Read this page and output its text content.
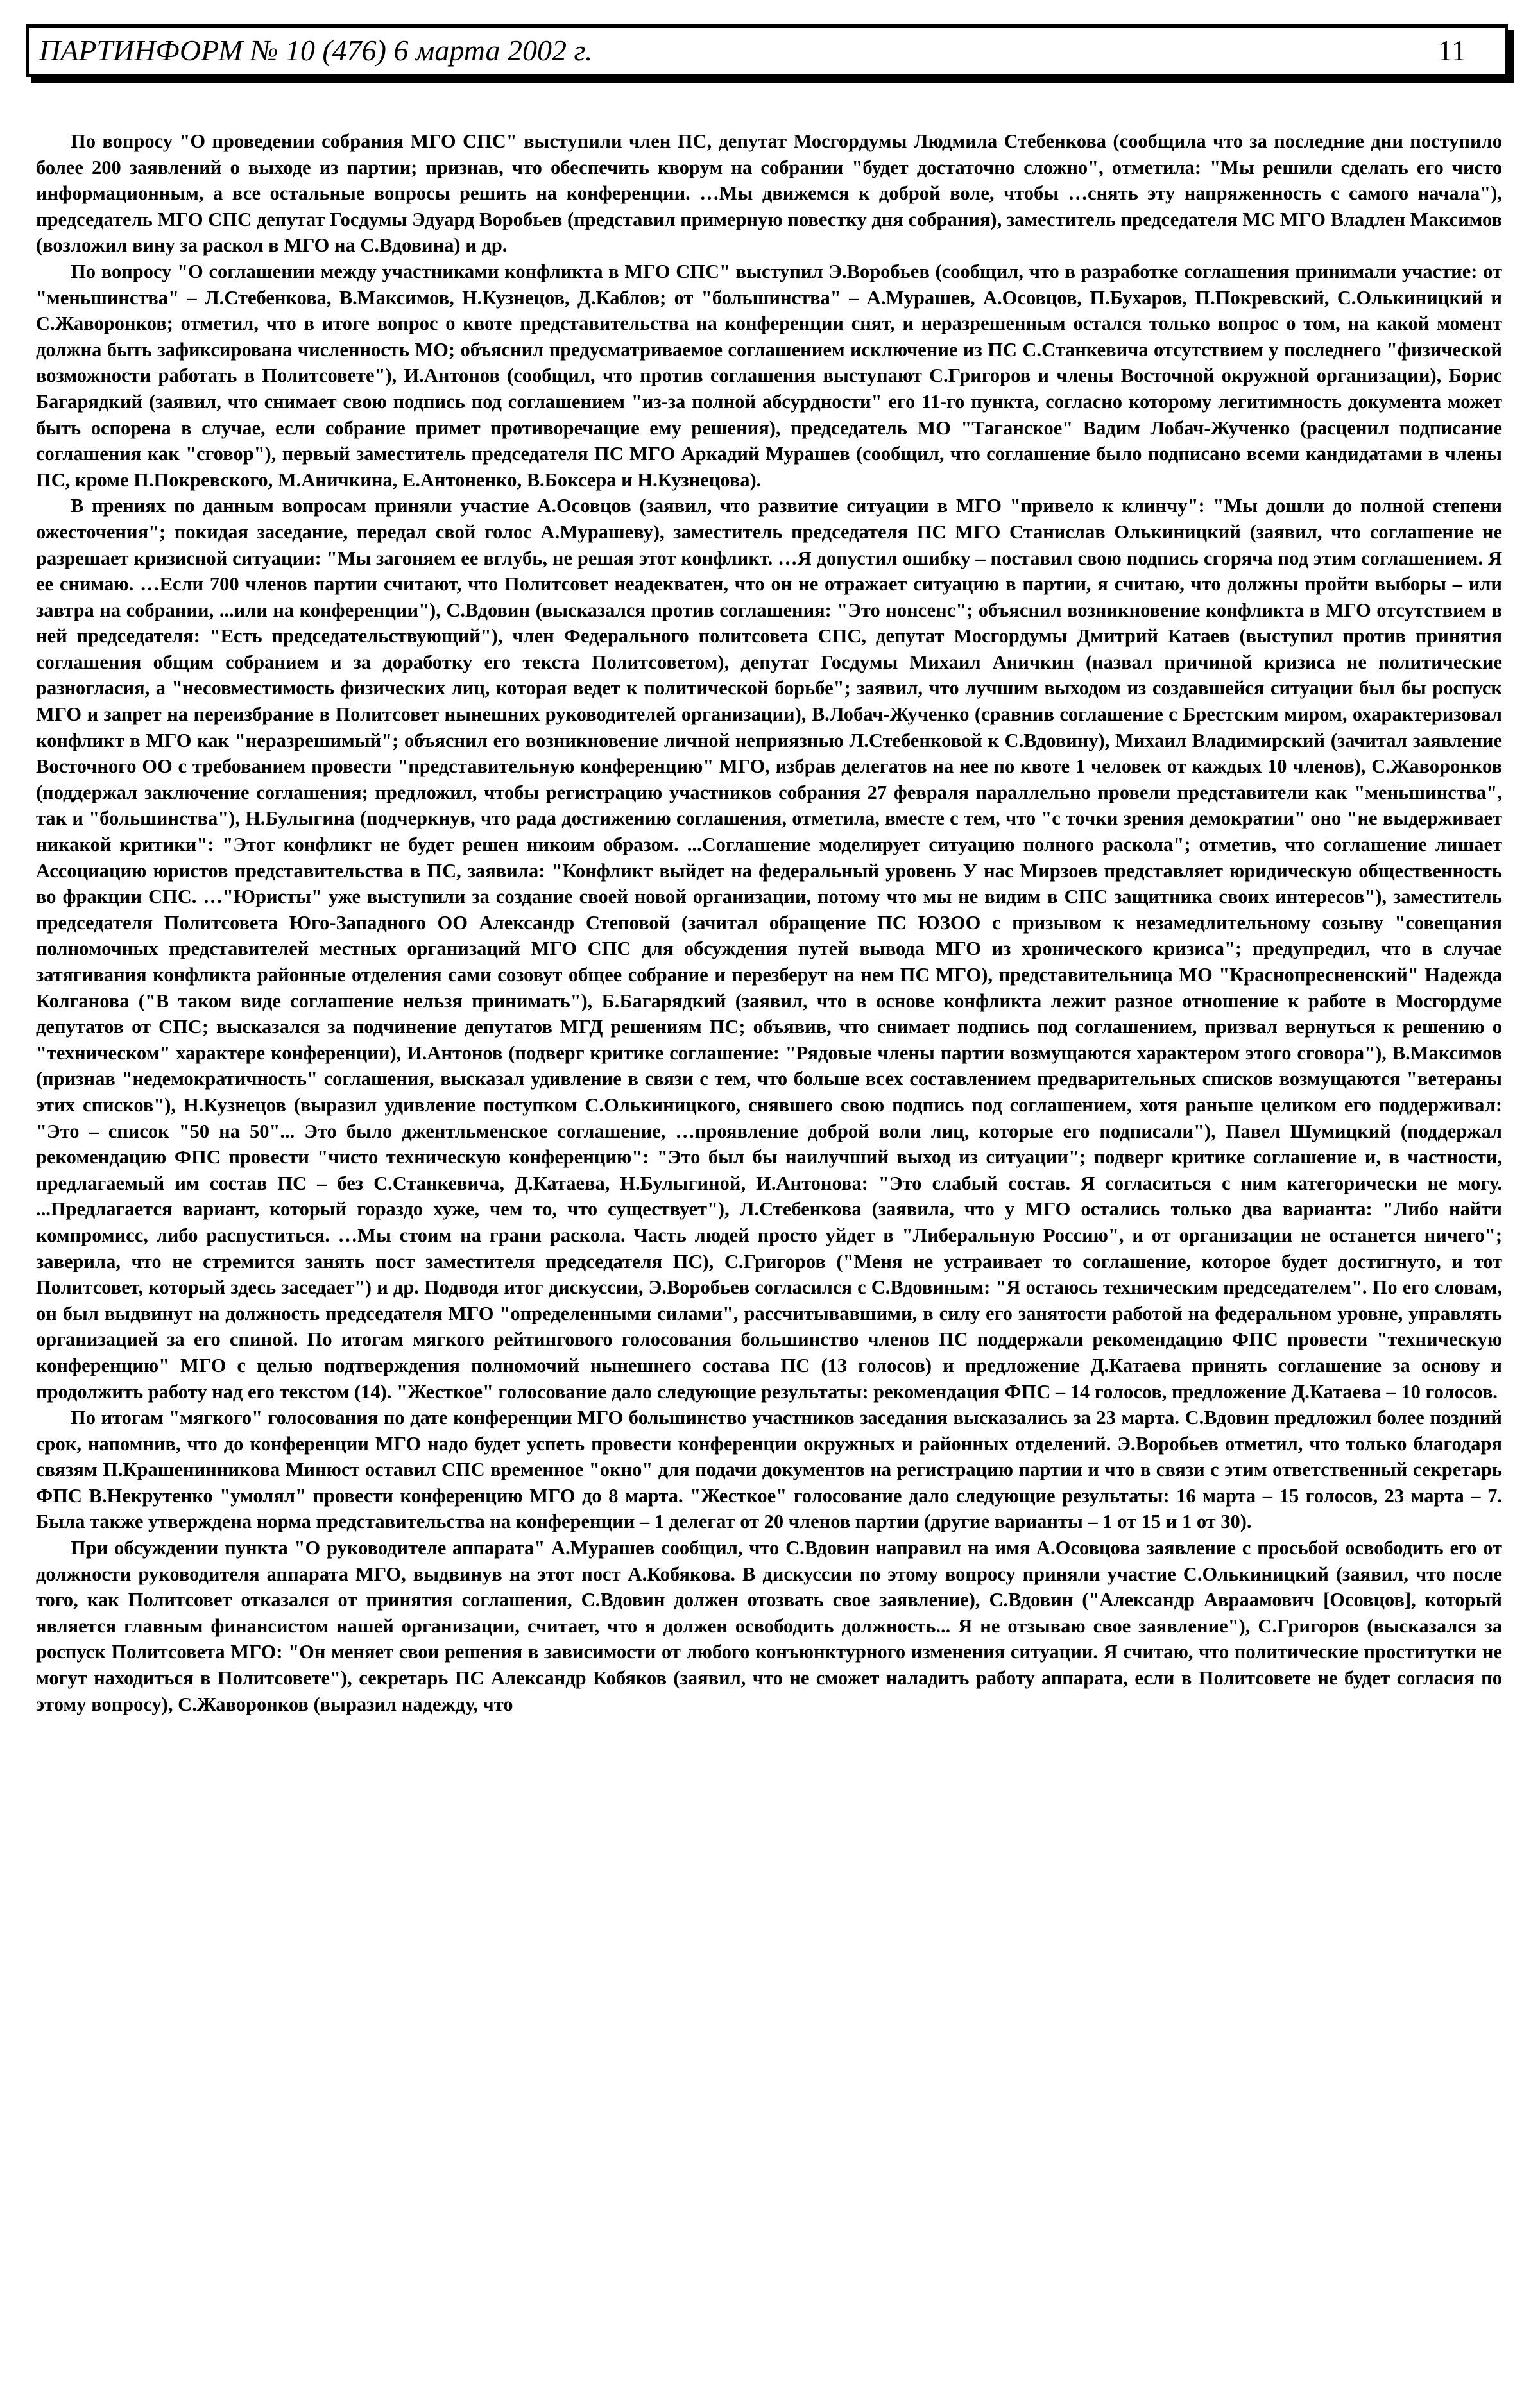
ПАРТИНФОРМ № 10 (476) 6 марта 2002 г.	11

По вопросу "О проведении собрания МГО СПС" выступили член ПС, депутат Мосгордумы Людмила Стебенкова (сообщила что за последние дни поступило более 200 заявлений о выходе из партии; признав, что обеспечить кворум на собрании "будет достаточно сложно", отметила: "Мы решили сделать его чисто информационным, а все остальные вопросы решить на конференции. …Мы движемся к доброй воле, чтобы …снять эту напряженность с самого начала"), председатель МГО СПС депутат Госдумы Эдуард Воробьев (представил примерную повестку дня собрания), заместитель председателя МС МГО Владлен Максимов (возложил вину за раскол в МГО на С.Вдовина) и др.

По вопросу "О соглашении между участниками конфликта в МГО СПС" выступил Э.Воробьев (сообщил, что в разработке соглашения принимали участие: от "меньшинства" – Л.Стебенкова, В.Максимов, Н.Кузнецов, Д.Каблов; от "большинства" – А.Мурашев, А.Осовцов, П.Бухаров, П.Покревский, С.Олькиницкий и С.Жаворонков; отметил, что в итоге вопрос о квоте представительства на конференции снят, и неразрешенным остался только вопрос о том, на какой момент должна быть зафиксирована численность МО; объяснил предусматриваемое соглашением исключение из ПС С.Станкевича отсутствием у последнего "физической возможности работать в Политсовете"), И.Антонов (сообщил, что против соглашения выступают С.Григоров и члены Восточной окружной организации), Борис Багарядкий (заявил, что снимает свою подпись под соглашением "из-за полной абсурдности" его 11-го пункта, согласно которому легитимность документа может быть оспорена в случае, если собрание примет противоречащие ему решения), председатель МО "Таганское" Вадим Лобач-Жученко (расценил подписание соглашения как "сговор"), первый заместитель председателя ПС МГО Аркадий Мурашев (сообщил, что соглашение было подписано всеми кандидатами в члены ПС, кроме П.Покревского, М.Аничкина, Е.Антоненко, В.Боксера и Н.Кузнецова).

В прениях по данным вопросам приняли участие А.Осовцов (заявил, что развитие ситуации в МГО "привело к клинчу": "Мы дошли до полной степени ожесточения"; покидая заседание, передал свой голос А.Мурашеву), заместитель председателя ПС МГО Станислав Олькиницкий (заявил, что соглашение не разрешает кризисной ситуации: "Мы загоняем ее вглубь, не решая этот конфликт. …Я допустил ошибку – поставил свою подпись сгоряча под этим соглашением. Я ее снимаю. …Если 700 членов партии считают, что Политсовет неадекватен, что он не отражает ситуацию в партии, я считаю, что должны пройти выборы – или завтра на собрании, ...или на конференции"), С.Вдовин (высказался против соглашения: "Это нонсенс"; объяснил возникновение конфликта в МГО отсутствием в ней председателя: "Есть председательствующий"), член Федерального политсовета СПС, депутат Мосгордумы Дмитрий Катаев (выступил против принятия соглашения общим собранием и за доработку его текста Политсоветом), депутат Госдумы Михаил Аничкин (назвал причиной кризиса не политические разногласия, а "несовместимость физических лиц, которая ведет к политической борьбе"; заявил, что лучшим выходом из создавшейся ситуации был бы роспуск МГО и запрет на переизбрание в Политсовет нынешних руководителей организации), В.Лобач-Жученко (сравнив соглашение с Брестским миром, охарактеризовал конфликт в МГО как "неразрешимый"; объяснил его возникновение личной неприязнью Л.Стебенковой к С.Вдовину), Михаил Владимирский (зачитал заявление Восточного ОО с требованием провести "представительную конференцию" МГО, избрав делегатов на нее по квоте 1 человек от каждых 10 членов), С.Жаворонков (поддержал заключение соглашения; предложил, чтобы регистрацию участников собрания 27 февраля параллельно провели представители как "меньшинства", так и "большинства"), Н.Булыгина (подчеркнув, что рада достижению соглашения, отметила, вместе с тем, что "с точки зрения демократии" оно "не выдерживает никакой критики": "Этот конфликт не будет решен никоим образом. ...Соглашение моделирует ситуацию полного раскола"; отметив, что соглашение лишает Ассоциацию юристов представительства в ПС, заявила: "Конфликт выйдет на федеральный уровень У нас Мирзоев представляет юридическую общественность во фракции СПС. …"Юристы" уже выступили за создание своей новой организации, потому что мы не видим в СПС защитника своих интересов"), заместитель председателя Политсовета Юго-Западного ОО Александр Степовой (зачитал обращение ПС ЮЗОО с призывом к незамедлительному созыву "совещания полномочных представителей местных организаций МГО СПС для обсуждения путей вывода МГО из хронического кризиса"; предупредил, что в случае затягивания конфликта районные отделения сами созовут общее собрание и перезберут на нем ПС МГО), представительница МО "Краснопресненский" Надежда Колганова ("В таком виде соглашение нельзя принимать"), Б.Багарядкий (заявил, что в основе конфликта лежит разное отношение к работе в Мосгордуме депутатов от СПС; высказался за подчинение депутатов МГД решениям ПС; объявив, что снимает подпись под соглашением, призвал вернуться к решению о "техническом" характере конференции), И.Антонов (подверг критике соглашение: "Рядовые члены партии возмущаются характером этого сговора"), В.Максимов (признав "недемократичность" соглашения, высказал удивление в связи с тем, что больше всех составлением предварительных списков возмущаются "ветераны этих списков"), Н.Кузнецов (выразил удивление поступком С.Олькиницкого, снявшего свою подпись под соглашением, хотя раньше целиком его поддерживал: "Это – список "50 на 50"... Это было джентльменское соглашение, …проявление доброй воли лиц, которые его подписали"), Павел Шумицкий (поддержал рекомендацию ФПС провести "чисто техническую конференцию": "Это был бы наилучший выход из ситуации"; подверг критике соглашение и, в частности, предлагаемый им состав ПС – без С.Станкевича, Д.Катаева, Н.Булыгиной, И.Антонова: "Это слабый состав. Я согласиться с ним категорически не могу. ...Предлагается вариант, который гораздо хуже, чем то, что существует"), Л.Стебенкова (заявила, что у МГО остались только два варианта: "Либо найти компромисс, либо распуститься. …Мы стоим на грани раскола. Часть людей просто уйдет в "Либеральную Россию", и от организации не останется ничего"; заверила, что не стремится занять пост заместителя председателя ПС), С.Григоров ("Меня не устраивает то соглашение, которое будет достигнуто, и тот Политсовет, который здесь заседает") и др. Подводя итог дискуссии, Э.Воробьев согласился с С.Вдовиным: "Я остаюсь техническим председателем". По его словам, он был выдвинут на должность председателя МГО "определенными силами", рассчитывавшими, в силу его занятости работой на федеральном уровне, управлять организацией за его спиной. По итогам мягкого рейтингового голосования большинство членов ПС поддержали рекомендацию ФПС провести "техническую конференцию" МГО с целью подтверждения полномочий нынешнего состава ПС (13 голосов) и предложение Д.Катаева принять соглашение за основу и продолжить работу над его текстом (14). "Жесткое" голосование дало следующие результаты: рекомендация ФПС – 14 голосов, предложение Д.Катаева – 10 голосов.

По итогам "мягкого" голосования по дате конференции МГО большинство участников заседания высказались за 23 марта. С.Вдовин предложил более поздний срок, напомнив, что до конференции МГО надо будет успеть провести конференции окружных и районных отделений. Э.Воробьев отметил, что только благодаря связям П.Крашенинникова Минюст оставил СПС временное "окно" для подачи документов на регистрацию партии и что в связи с этим ответственный секретарь ФПС В.Некрутенко "умолял" провести конференцию МГО до 8 марта. "Жесткое" голосование дало следующие результаты: 16 марта – 15 голосов, 23 марта – 7. Была также утверждена норма представительства на конференции – 1 делегат от 20 членов партии (другие варианты – 1 от 15 и 1 от 30).

При обсуждении пункта "О руководителе аппарата" А.Мурашев сообщил, что С.Вдовин направил на имя А.Осовцова заявление с просьбой освободить его от должности руководителя аппарата МГО, выдвинув на этот пост А.Кобякова. В дискуссии по этому вопросу приняли участие С.Олькиницкий (заявил, что после того, как Политсовет отказался от принятия соглашения, С.Вдовин должен отозвать свое заявление), С.Вдовин ("Александр Авраамович [Осовцов], который является главным финансистом нашей организации, считает, что я должен освободить должность... Я не отзываю свое заявление"), С.Григоров (высказался за роспуск Политсовета МГО: "Он меняет свои решения в зависимости от любого конъюнктурного изменения ситуации. Я считаю, что политические проститутки не могут находиться в Политсовете"), секретарь ПС Александр Кобяков (заявил, что не сможет наладить работу аппарата, если в Политсовете не будет согласия по этому вопросу), С.Жаворонков (выразил надежду, что
